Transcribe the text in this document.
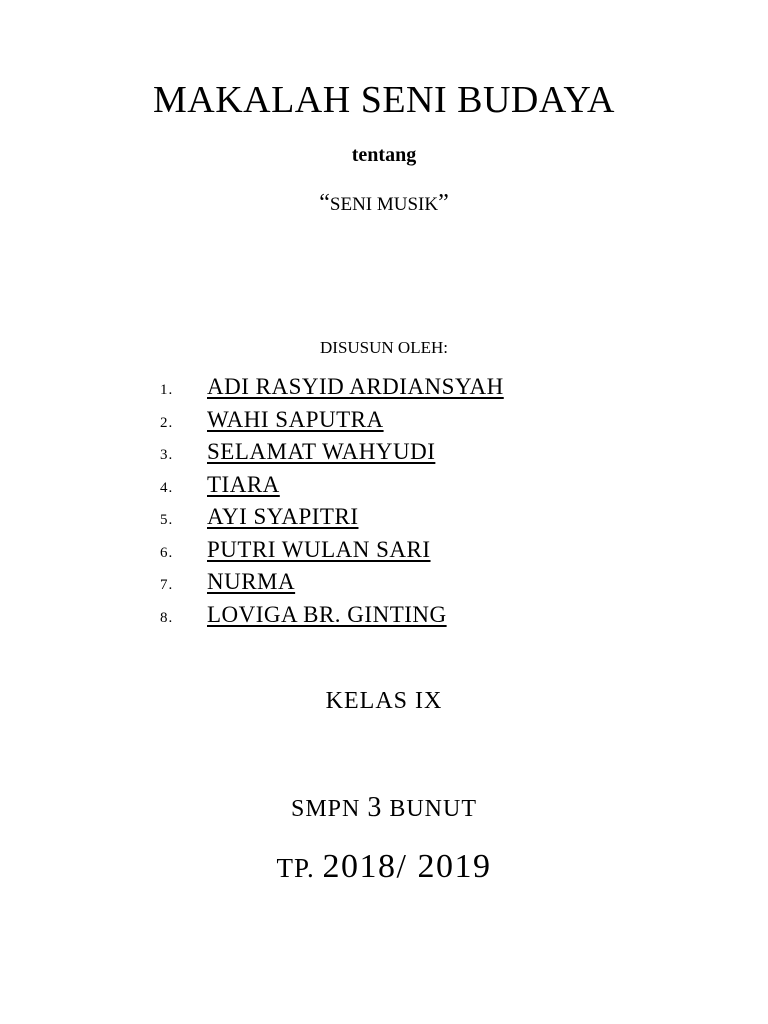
MAKALAH SENI BUDAYA
tentang
“SENI MUSIK”
DISUSUN OLEH:
1.	ADI RASYID ARDIANSYAH
2.	WAHI SAPUTRA
3.	SELAMAT WAHYUDI
4.	TIARA
5.	AYI SYAPITRI
6.	PUTRI WULAN SARI
7.	NURMA
8.	LOVIGA BR. GINTING
KELAS IX
SMPN 3 BUNUT
TP. 2018/ 2019
